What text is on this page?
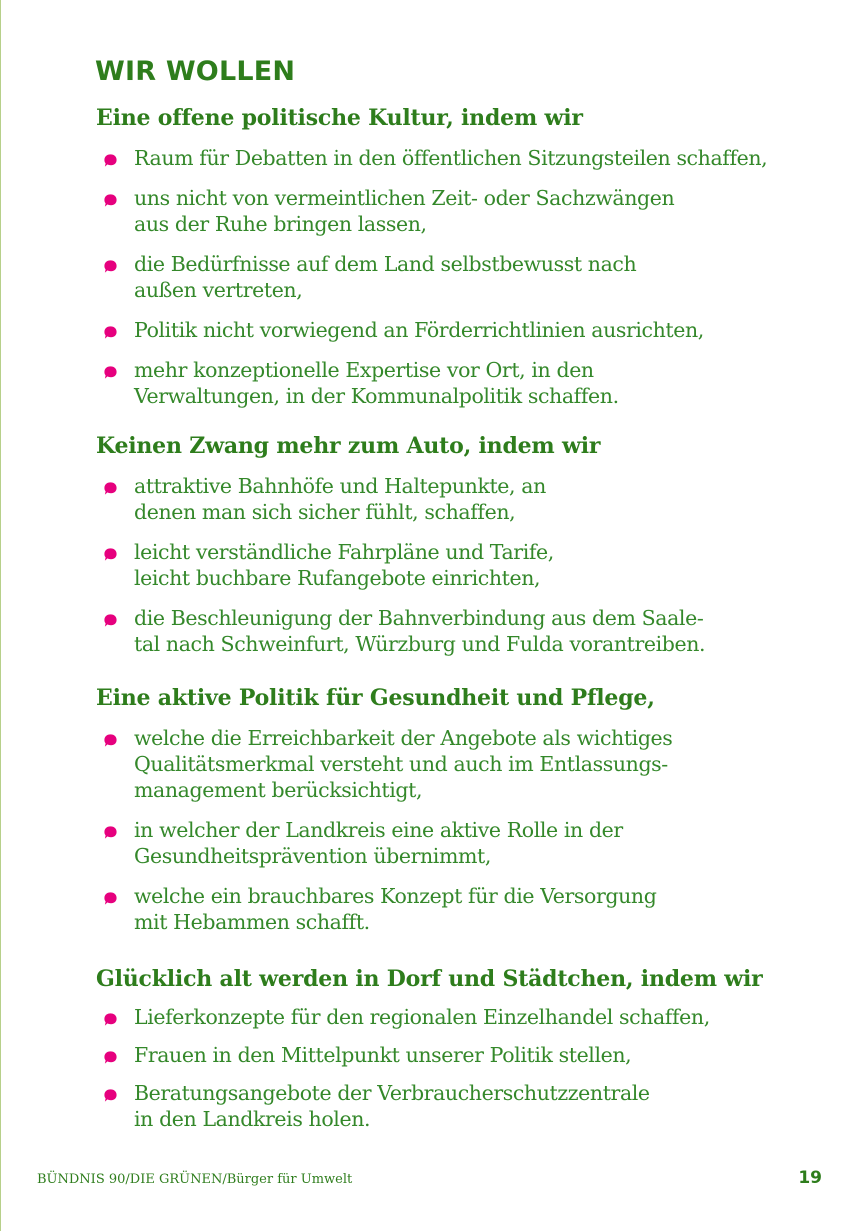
WIR WOLLEN
Eine offene politische Kultur, indem wir
Raum für Debatten in den öffentlichen Sitzungsteilen schaffen,
uns nicht von vermeintlichen Zeit- oder Sachzwängen
aus der Ruhe bringen lassen,
die Bedürfnisse auf dem Land selbstbewusst nach
außen vertreten,
Politik nicht vorwiegend an Förderrichtlinien ausrichten,
mehr konzeptionelle Expertise vor Ort, in den
Verwaltungen, in der Kommunalpolitik schaffen.
Keinen Zwang mehr zum Auto, indem wir
attraktive Bahnhöfe und Haltepunkte, an
denen man sich sicher fühlt, schaffen,
leicht verständliche Fahrpläne und Tarife,
leicht buchbare Rufangebote einrichten,
die Beschleunigung der Bahnverbindung aus dem Saale-
tal nach Schweinfurt, Würzburg und Fulda vorantreiben.
Eine aktive Politik für Gesundheit und Pflege,
welche die Erreichbarkeit der Angebote als wichtiges
Qualitätsmerkmal versteht und auch im Entlassungs-
management berücksichtigt,
in welcher der Landkreis eine aktive Rolle in der
Gesundheitsprävention übernimmt,
welche ein brauchbares Konzept für die Versorgung
mit Hebammen schafft.
Glücklich alt werden in Dorf und Städtchen, indem wir
Lieferkonzepte für den regionalen Einzelhandel schaffen,
Frauen in den Mittelpunkt unserer Politik stellen,
Beratungsangebote der Verbraucherschutzzentrale
in den Landkreis holen.
BÜNDNIS 90/DIE GRÜNEN/Bürger für Umwelt	19
